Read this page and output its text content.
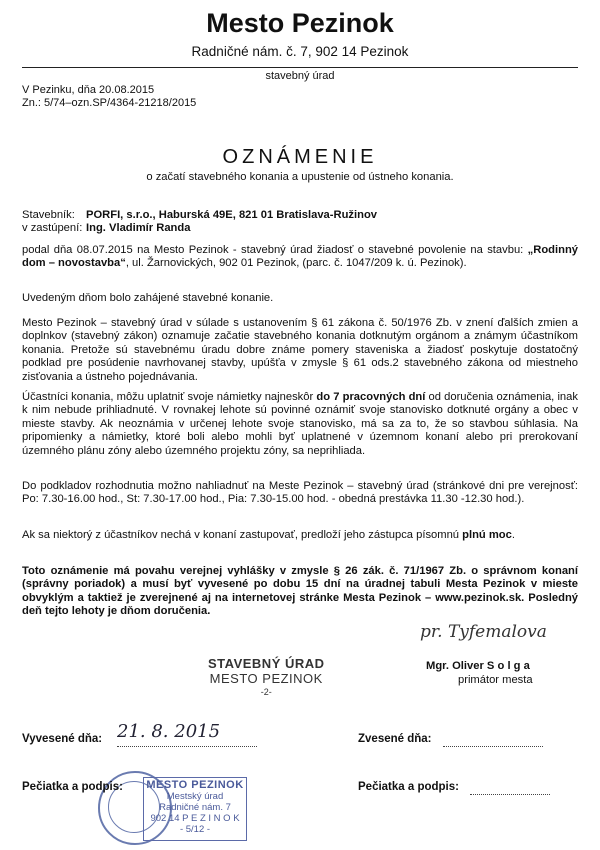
Mesto Pezinok
Radničné nám. č. 7, 902 14 Pezinok
stavebný úrad
V Pezinku, dňa 20.08.2015
Zn.: 5/74–ozn.SP/4364-21218/2015
OZNÁMENIE
o začatí stavebného konania a upustenie od ústneho konania.
Stavebník: PORFI, s.r.o., Haburská 49E, 821 01 Bratislava-Ružinov
v zastúpení: Ing. Vladimír Randa

podal dňa 08.07.2015 na Mesto Pezinok - stavebný úrad žiadosť o stavebné povolenie na stavbu: „Rodinný dom – novostavba“, ul. Žarnovických, 902 01 Pezinok, (parc. č. 1047/209 k. ú. Pezinok).

Uvedeným dňom bolo zahájené stavebné konanie.

Mesto Pezinok – stavebný úrad v súlade s ustanovením § 61 zákona č. 50/1976 Zb. v znení ďalších zmien a doplnkov (stavebný zákon) oznamuje začatie stavebného konania dotknutým orgánom a známym účastníkom konania. Pretože sú stavebnému úradu dobre známe pomery staveniska a žiadosť poskytuje dostatočný podklad pre posúdenie navrhovanej stavby, upúšťa v zmysle § 61 ods.2 stavebného zákona od miestneho zisťovania a ústneho pojednávania.

Účastníci konania, môžu uplatniť svoje námietky najneskôr do 7 pracovných dní od doručenia oznámenia, inak k nim nebude prihliadnuté. V rovnakej lehote sú povinné oznámiť svoje stanovisko dotknuté orgány a obec v mieste stavby. Ak neoznámia v určenej lehote svoje stanovisko, má sa za to, že so stavbou súhlasia. Na pripomienky a námietky, ktoré boli alebo mohli byť uplatnené v územnom konaní alebo pri prerokovaní územného plánu zóny alebo územného projektu zóny, sa neprihliada.

Do podkladov rozhodnutia možno nahliadnuť na Meste Pezinok – stavebný úrad (stránkové dni pre verejnosť: Po: 7.30-16.00 hod., St: 7.30-17.00 hod., Pia: 7.30-15.00 hod. - obedná prestávka 11.30 -12.30 hod.).

Ak sa niektorý z účastníkov nechá v konaní zastupovať, predloží jeho zástupca písomnú plnú moc.

Toto oznámenie má povahu verejnej vyhlášky v zmysle § 26 zák. č. 71/1967 Zb. o správnom konaní (správny poriadok) a musí byť vyvesené po dobu 15 dní na úradnej tabuli Mesta Pezinok v mieste obvyklým a taktiež je zverejnené aj na internetovej stránke Mesta Pezinok – www.pezinok.sk. Posledný deň tejto lehoty je dňom doručenia.

STAVEBNÝ ÚRAD
MESTO PEZINOK
-2-
pr. Tyfemalova
Mgr. Oliver S o l g a
primátor mesta
Vyvesené dňa: 21. 8. 2015	Zvesené dňa:
MESTO PEZINOK
Mestský úrad
Radničné nám. 7
902 14 P E Z I N O K
- 5/12 -
Pečiatka a podpis:	Pečiatka a podpis:
